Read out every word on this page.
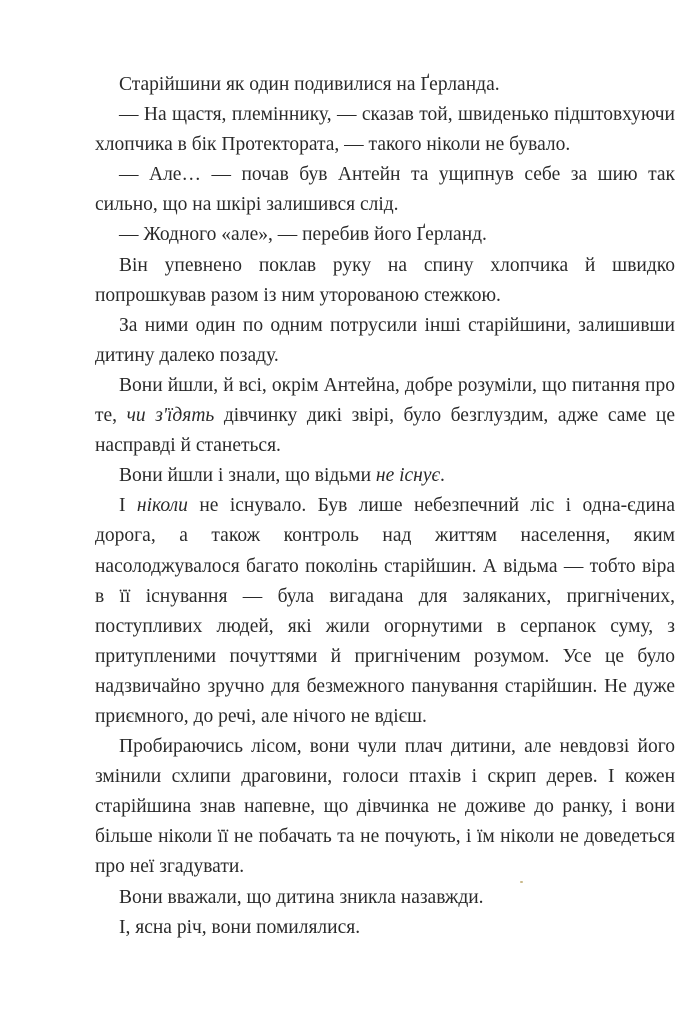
Старійшини як один подивилися на Ґерланда.

— На щастя, племіннику, — сказав той, швиденько підштовхуючи хлопчика в бік Протектората, — такого ніколи не бувало.

— Але… — почав був Антейн та ущипнув себе за шию так сильно, що на шкірі залишився слід.

— Жодного «але», — перебив його Ґерланд.

Він упевнено поклав руку на спину хлопчика й швидко попрошкував разом із ним уторованою стежкою.

За ними один по одним потрусили інші старійшини, залишивши дитину далеко позаду.

Вони йшли, й всі, окрім Антейна, добре розуміли, що питання про те, чи з'їдять дівчинку дикі звірі, було безглуздим, адже саме це насправді й станеться.

Вони йшли і знали, що відьми не існує.

І ніколи не існувало. Був лише небезпечний ліс і одна-єдина дорога, а також контроль над життям населення, яким насолоджувалося багато поколінь старійшин. А відьма — тобто віра в її існування — була вигадана для заляканих, пригнічених, поступливих людей, які жили огорнутими в серпанок суму, з притупленими почуттями й пригніченим розумом. Усе це було надзвичайно зручно для безмежного панування старійшин. Не дуже приємного, до речі, але нічого не вдієш.

Пробираючись лісом, вони чули плач дитини, але невдовзі його змінили схлипи драговини, голоси птахів і скрип дерев. І кожен старійшина знав напевне, що дівчинка не доживе до ранку, і вони більше ніколи її не побачать та не почують, і їм ніколи не доведеться про неї згадувати.

Вони вважали, що дитина зникла назавжди.

І, ясна річ, вони помилялися.
